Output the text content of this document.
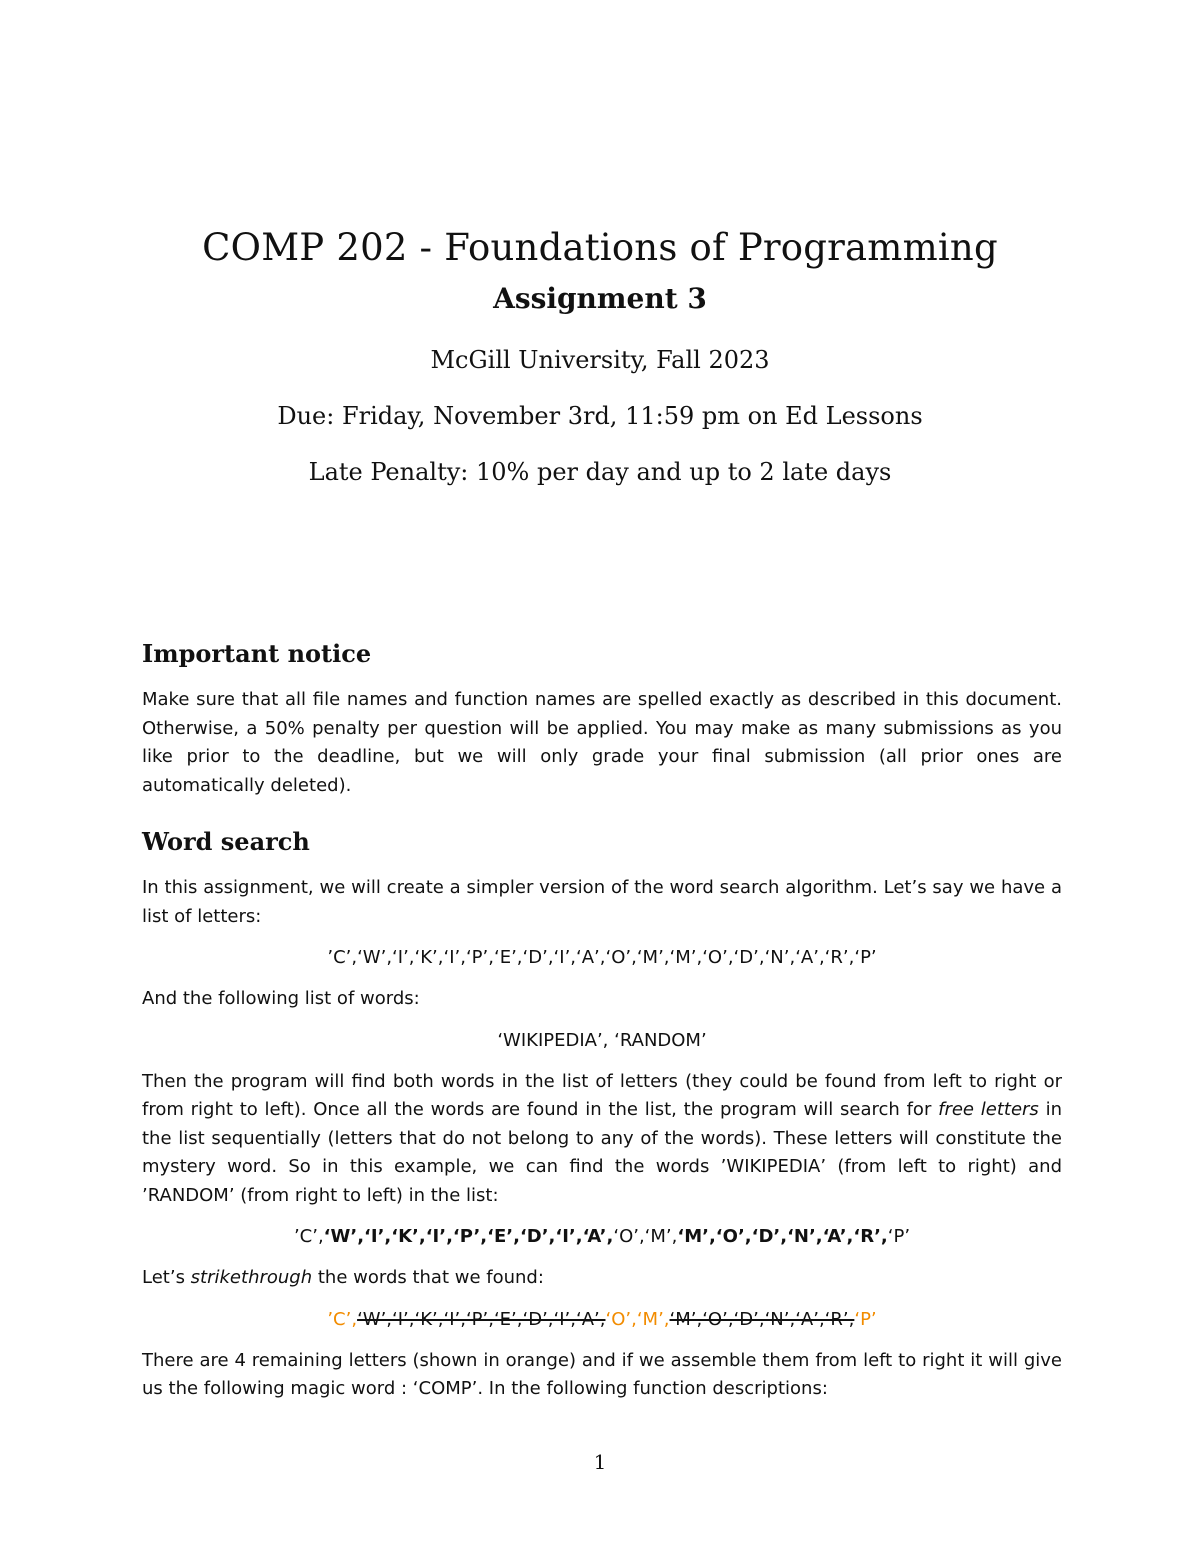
COMP 202 - Foundations of Programming
Assignment 3

McGill University, Fall 2023

Due: Friday, November 3rd, 11:59 pm on Ed Lessons

Late Penalty: 10% per day and up to 2 late days

Important notice

Make sure that all file names and function names are spelled exactly as described in this document. Otherwise, a 50% penalty per question will be applied. You may make as many submissions as you like prior to the deadline, but we will only grade your final submission (all prior ones are automatically deleted).

Word search

In this assignment, we will create a simpler version of the word search algorithm. Let’s say we have a list of letters:

’C’,‘W’,‘I’,‘K’,‘I’,‘P’,‘E’,‘D’,‘I’,‘A’,‘O’,‘M’,‘M’,‘O’,‘D’,‘N’,‘A’,‘R’,‘P’

And the following list of words:

‘WIKIPEDIA’, ‘RANDOM’

Then the program will find both words in the list of letters (they could be found from left to right or from right to left). Once all the words are found in the list, the program will search for free letters in the list sequentially (letters that do not belong to any of the words). These letters will constitute the mystery word. So in this example, we can find the words ’WIKIPEDIA’ (from left to right) and ’RANDOM’ (from right to left) in the list:

’C’,‘W’,‘I’,‘K’,‘I’,‘P’,‘E’,‘D’,‘I’,‘A’,‘O’,‘M’,‘M’,‘O’,‘D’,‘N’,‘A’,‘R’,‘P’

Let’s strikethrough the words that we found:

’C’,‘W’,‘I’,‘K’,‘I’,‘P’,‘E’,‘D’,‘I’,‘A’,‘O’,‘M’,‘M’,‘O’,‘D’,‘N’,‘A’,‘R’,‘P’

There are 4 remaining letters (shown in orange) and if we assemble them from left to right it will give us the following magic word : ‘COMP’. In the following function descriptions:

1
